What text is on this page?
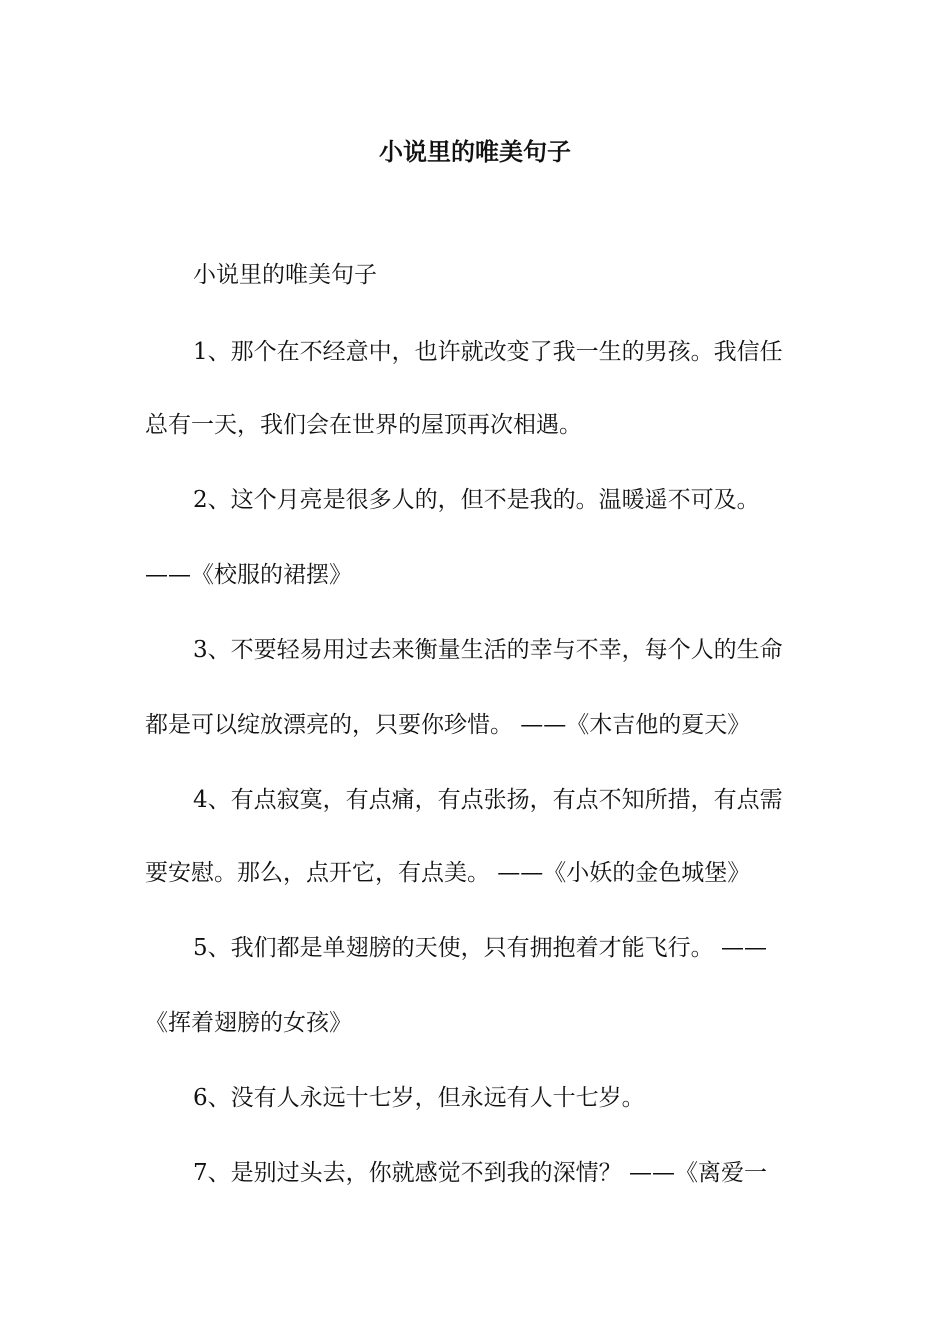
小说里的唯美句子

小说里的唯美句子

1、那个在不经意中，也许就改变了我一生的男孩。我信任

总有一天，我们会在世界的屋顶再次相遇。

2、这个月亮是很多人的，但不是我的。温暖遥不可及。

——《校服的裙摆》

3、不要轻易用过去来衡量生活的幸与不幸，每个人的生命

都是可以绽放漂亮的，只要你珍惜。 ——《木吉他的夏天》

4、有点寂寞，有点痛，有点张扬，有点不知所措，有点需

要安慰。那么，点开它，有点美。 ——《小妖的金色城堡》

5、我们都是单翅膀的天使，只有拥抱着才能飞行。 ——

《挥着翅膀的女孩》

6、没有人永远十七岁，但永远有人十七岁。

7、是别过头去，你就感觉不到我的深情？ ——《离爱一
